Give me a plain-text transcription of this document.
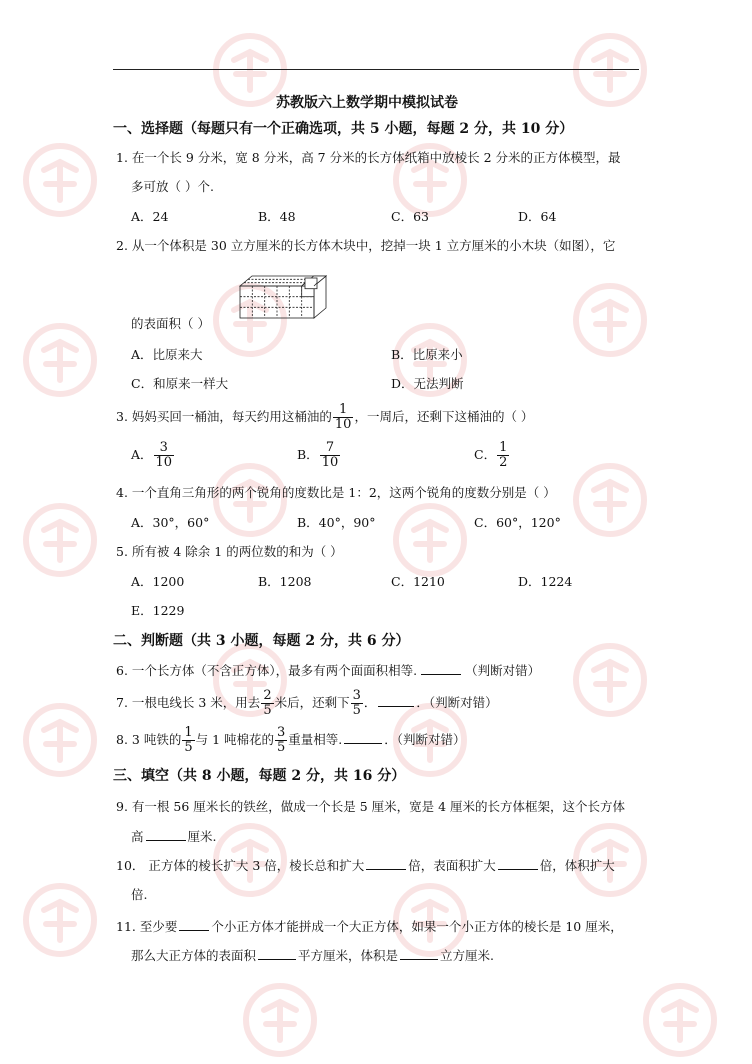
苏教版六上数学期中模拟试卷
一、选择题（每题只有一个正确选项，共 5 小题，每题 2 分，共 10 分）
1. 在一个长 9 分米，宽 8 分米，高 7 分米的长方体纸箱中放棱长 2 分米的正方体模型，最
多可放（ ）个.
A．24	B．48	C．63	D．64
2. 从一个体积是 30 立方厘米的长方体木块中，挖掉一块 1 立方厘米的小木块（如图），它
的表面积（ ）
A．比原来大	B．比原来小
C．和原来一样大	D．无法判断
3. 妈妈买回一桶油，每天约用这桶油的 $\frac{1}{10}$ ，一周后，还剩下这桶油的（ ）
A． $\frac{3}{10}$	B． $\frac{7}{10}$	C． $\frac{1}{2}$
4. 一个直角三角形的两个锐角的度数比是 1：2，这两个锐角的度数分别是（ ）
A．30°，60°	B．40°，90°	C．60°，120°
5. 所有被 4 除余 1 的两位数的和为（ ）
A．1200	B．1208	C．1210	D．1224
E．1229
二、判断题（共 3 小题，每题 2 分，共 6 分）
6. 一个长方体（不含正方体），最多有两个面面积相等.	（判断对错）
7. 一根电线长 3 米，用去 $\frac{2}{5}$ 米后，还剩下 $\frac{3}{5}$ ．	．（判断对错）
8. 3 吨铁的 $\frac{1}{5}$ 与 1 吨棉花的 $\frac{3}{5}$ 重量相等.	．（判断对错）
三、填空（共 8 小题，每题 2 分，共 16 分）
9. 有一根 56 厘米长的铁丝，做成一个长是 5 厘米，宽是 4 厘米的长方体框架，这个长方体
高	厘米.
10． 正方体的棱长扩大 3 倍，棱长总和扩大	倍，表面积扩大	倍，体积扩大
倍.
11. 至少要	个小正方体才能拼成一个大正方体，如果一个小正方体的棱长是 10 厘米，
那么大正方体的表面积	平方厘米，体积是	立方厘米.
